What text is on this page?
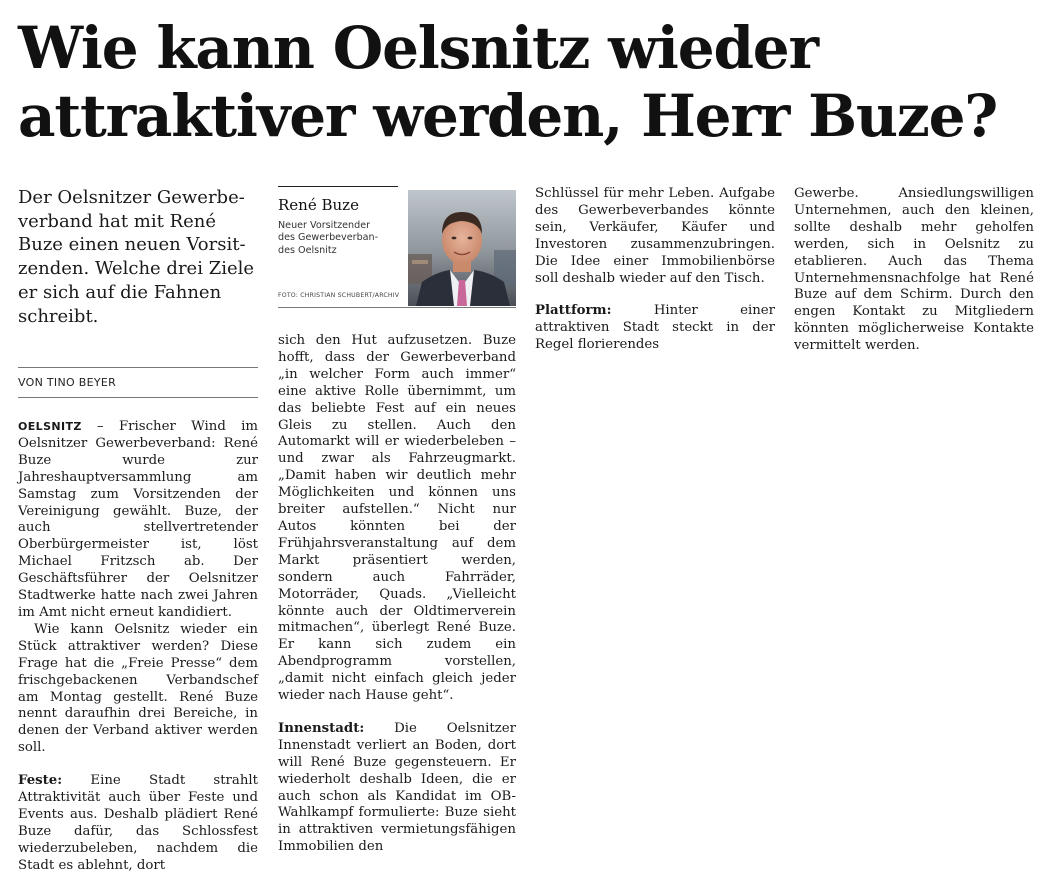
Wie kann Oelsnitz wieder
attraktiver werden, Herr Buze?

Der Oelsnitzer Gewerbe-
verband hat mit René
Buze einen neuen Vorsit-
zenden. Welche drei Ziele
er sich auf die Fahnen
schreibt.

VON TINO BEYER

OELSNITZ – Frischer Wind im Oelsnitzer Gewerbeverband: René Buze wurde zur Jahreshauptversammlung am Samstag zum Vorsitzenden der Vereinigung gewählt. Buze, der auch stellvertretender Oberbürgermeister ist, löst Michael Fritzsch ab. Der Geschäftsführer der Oelsnitzer Stadtwerke hatte nach zwei Jahren im Amt nicht erneut kandidiert.

Wie kann Oelsnitz wieder ein Stück attraktiver werden? Diese Frage hat die „Freie Presse“ dem frischgebackenen Verbandschef am Montag gestellt. René Buze nennt daraufhin drei Bereiche, in denen der Verband aktiver werden soll.

Feste: Eine Stadt strahlt Attraktivität auch über Feste und Events aus. Deshalb plädiert René Buze dafür, das Schlossfest wiederzubeleben, nachdem die Stadt es ablehnt, dort

René Buze
Neuer Vorsitzender
des Gewerbeverban-
des Oelsnitz
FOTO: CHRISTIAN SCHUBERT/ARCHIV

sich den Hut aufzusetzen. Buze hofft, dass der Gewerbeverband „in welcher Form auch immer“ eine aktive Rolle übernimmt, um das beliebte Fest auf ein neues Gleis zu stellen. Auch den Automarkt will er wiederbeleben – und zwar als Fahrzeugmarkt. „Damit haben wir deutlich mehr Möglichkeiten und können uns breiter aufstellen.“ Nicht nur Autos könnten bei der Frühjahrsveranstaltung auf dem Markt präsentiert werden, sondern auch Fahrräder, Motorräder, Quads. „Vielleicht könnte auch der Oldtimerverein mitmachen“, überlegt René Buze. Er kann sich zudem ein Abendprogramm vorstellen, „damit nicht einfach gleich jeder wieder nach Hause geht“.

Innenstadt: Die Oelsnitzer Innenstadt verliert an Boden, dort will René Buze gegensteuern. Er wiederholt deshalb Ideen, die er auch schon als Kandidat im OB-Wahlkampf formulierte: Buze sieht in attraktiven vermietungsfähigen Immobilien den

Schlüssel für mehr Leben. Aufgabe des Gewerbeverbandes könnte sein, Verkäufer, Käufer und Investoren zusammenzubringen. Die Idee einer Immobilienbörse soll deshalb wieder auf den Tisch.

Plattform: Hinter einer attraktiven Stadt steckt in der Regel florierendes

Gewerbe. Ansiedlungswilligen Unternehmen, auch den kleinen, sollte deshalb mehr geholfen werden, sich in Oelsnitz zu etablieren. Auch das Thema Unternehmensnachfolge hat René Buze auf dem Schirm. Durch den engen Kontakt zu Mitgliedern könnten möglicherweise Kontakte vermittelt werden.
